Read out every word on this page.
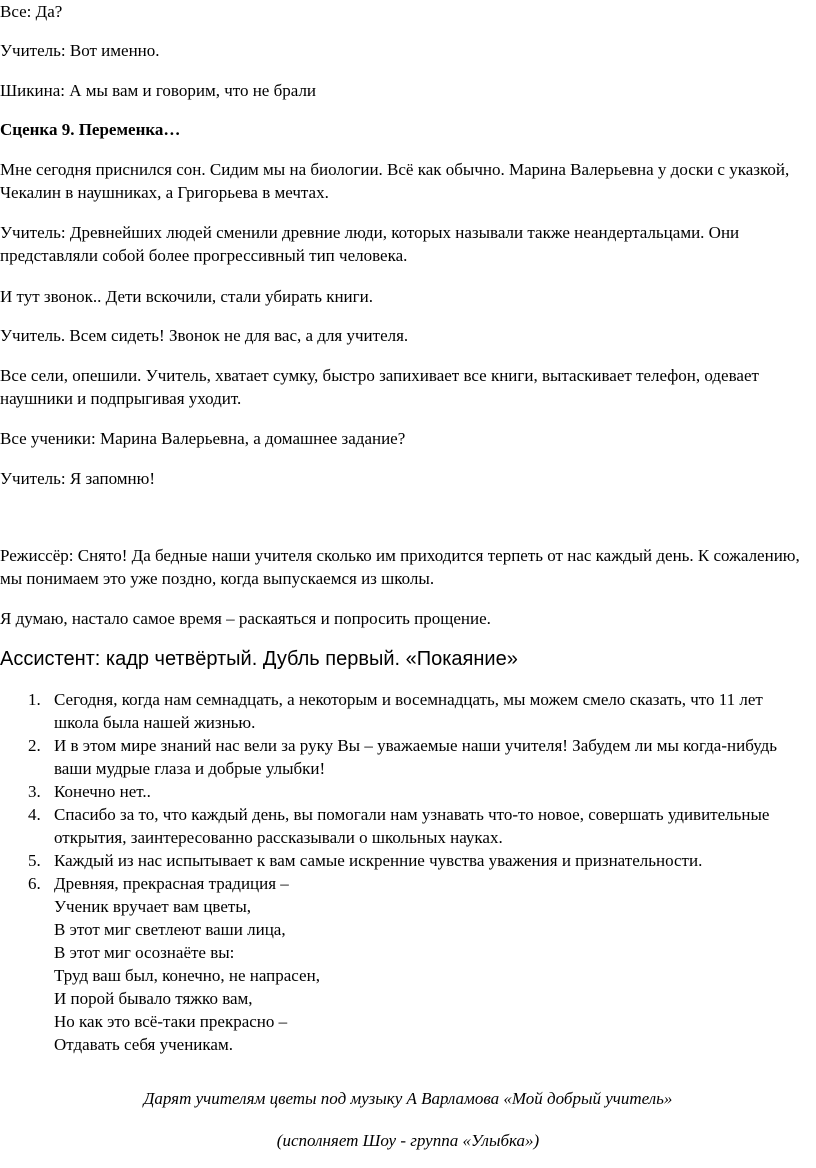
Все: Да?

Учитель: Вот именно.

Шикина: А мы вам и говорим, что не брали

Сценка 9. Переменка…

Мне сегодня приснился сон. Сидим мы на биологии. Всё как обычно. Марина Валерьевна у доски с указкой, Чекалин в наушниках, а Григорьева в мечтах.

Учитель: Древнейших людей сменили древние люди, которых называли также неандертальцами. Они представляли собой более прогрессивный тип человека.

И тут звонок.. Дети вскочили, стали убирать книги.

Учитель. Всем сидеть! Звонок не для вас, а для учителя.

Все сели, опешили. Учитель, хватает сумку, быстро запихивает все книги, вытаскивает телефон, одевает наушники и подпрыгивая уходит.

Все ученики: Марина Валерьевна, а домашнее задание?

Учитель: Я запомню!

Режиссёр: Снято! Да бедные наши учителя сколько им приходится терпеть от нас каждый день. К сожалению, мы понимаем это уже поздно, когда выпускаемся из школы.

Я думаю, настало самое время – раскаяться и попросить прощение.

Ассистент: кадр четвёртый. Дубль первый. «Покаяние»

1. Сегодня, когда нам семнадцать, а некоторым и восемнадцать, мы можем смело сказать, что 11 лет школа была нашей жизнью.
2. И в этом мире знаний нас вели за руку Вы – уважаемые наши учителя! Забудем ли мы когда-нибудь ваши мудрые глаза и добрые улыбки!
3. Конечно нет..
4. Спасибо за то, что каждый день, вы помогали нам узнавать что-то новое, совершать удивительные открытия, заинтересованно рассказывали о школьных науках.
5. Каждый из нас испытывает к вам самые искренние чувства уважения и признательности.
6. Древняя, прекрасная традиция –
Ученик вручает вам цветы,
В этот миг светлеют ваши лица,
В этот миг осознаёте вы:
Труд ваш был, конечно, не напрасен,
И порой бывало тяжко вам,
Но как это всё-таки прекрасно –
Отдавать себя ученикам.

Дарят учителям цветы под музыку А Варламова «Мой добрый учитель»

(исполняет Шоу - группа «Улыбка»)
